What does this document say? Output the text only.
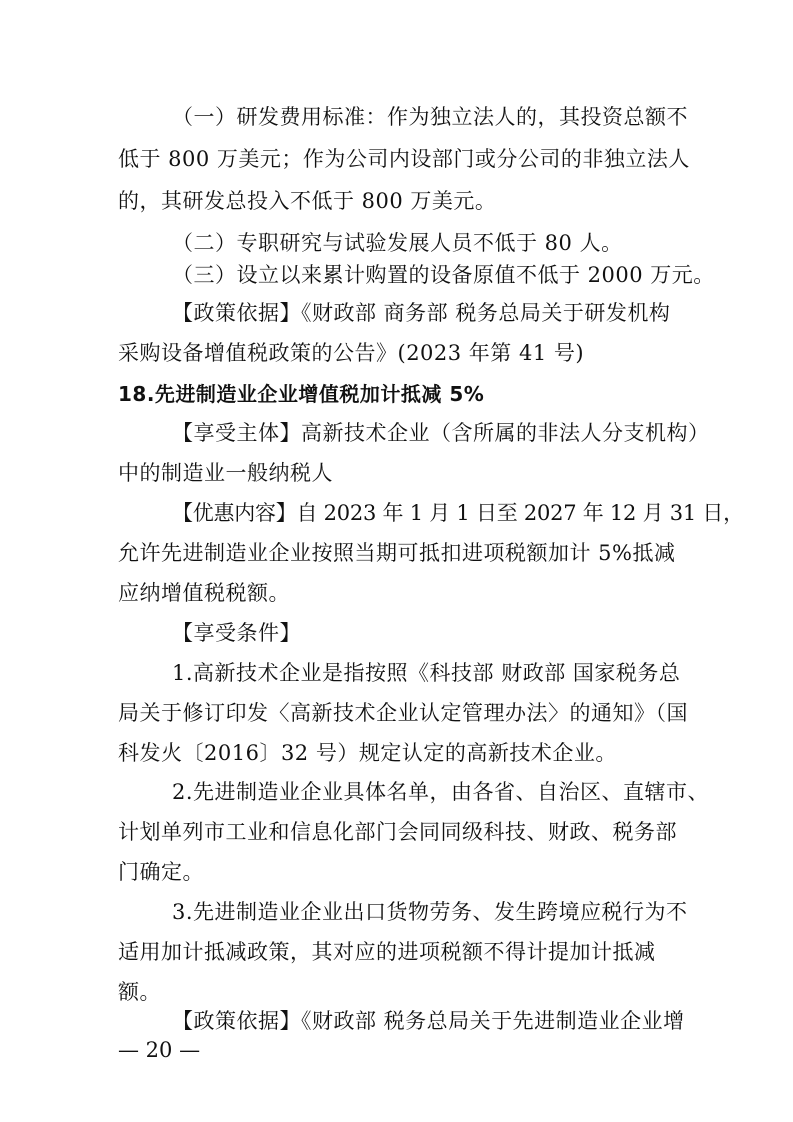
（一）研发费用标准：作为独立法人的，其投资总额不

低于 800 万美元；作为公司内设部门或分公司的非独立法人

的，其研发总投入不低于 800 万美元。

（二）专职研究与试验发展人员不低于 80 人。

（三）设立以来累计购置的设备原值不低于 2000 万元。

【政策依据】《财政部 商务部 税务总局关于研发机构

采购设备增值税政策的公告》(2023 年第 41 号)

18.先进制造业企业增值税加计抵减 5%

【享受主体】高新技术企业（含所属的非法人分支机构）

中的制造业一般纳税人

【优惠内容】自 2023 年 1 月 1 日至 2027 年 12 月 31 日，

允许先进制造业企业按照当期可抵扣进项税额加计 5%抵减

应纳增值税税额。

【享受条件】

1.高新技术企业是指按照《科技部 财政部 国家税务总

局关于修订印发〈高新技术企业认定管理办法〉的通知》（国

科发火〔2016〕32 号）规定认定的高新技术企业。

2.先进制造业企业具体名单，由各省、自治区、直辖市、

计划单列市工业和信息化部门会同同级科技、财政、税务部

门确定。

3.先进制造业企业出口货物劳务、发生跨境应税行为不

适用加计抵减政策，其对应的进项税额不得计提加计抵减

额。

【政策依据】《财政部 税务总局关于先进制造业企业增

— 20 —
